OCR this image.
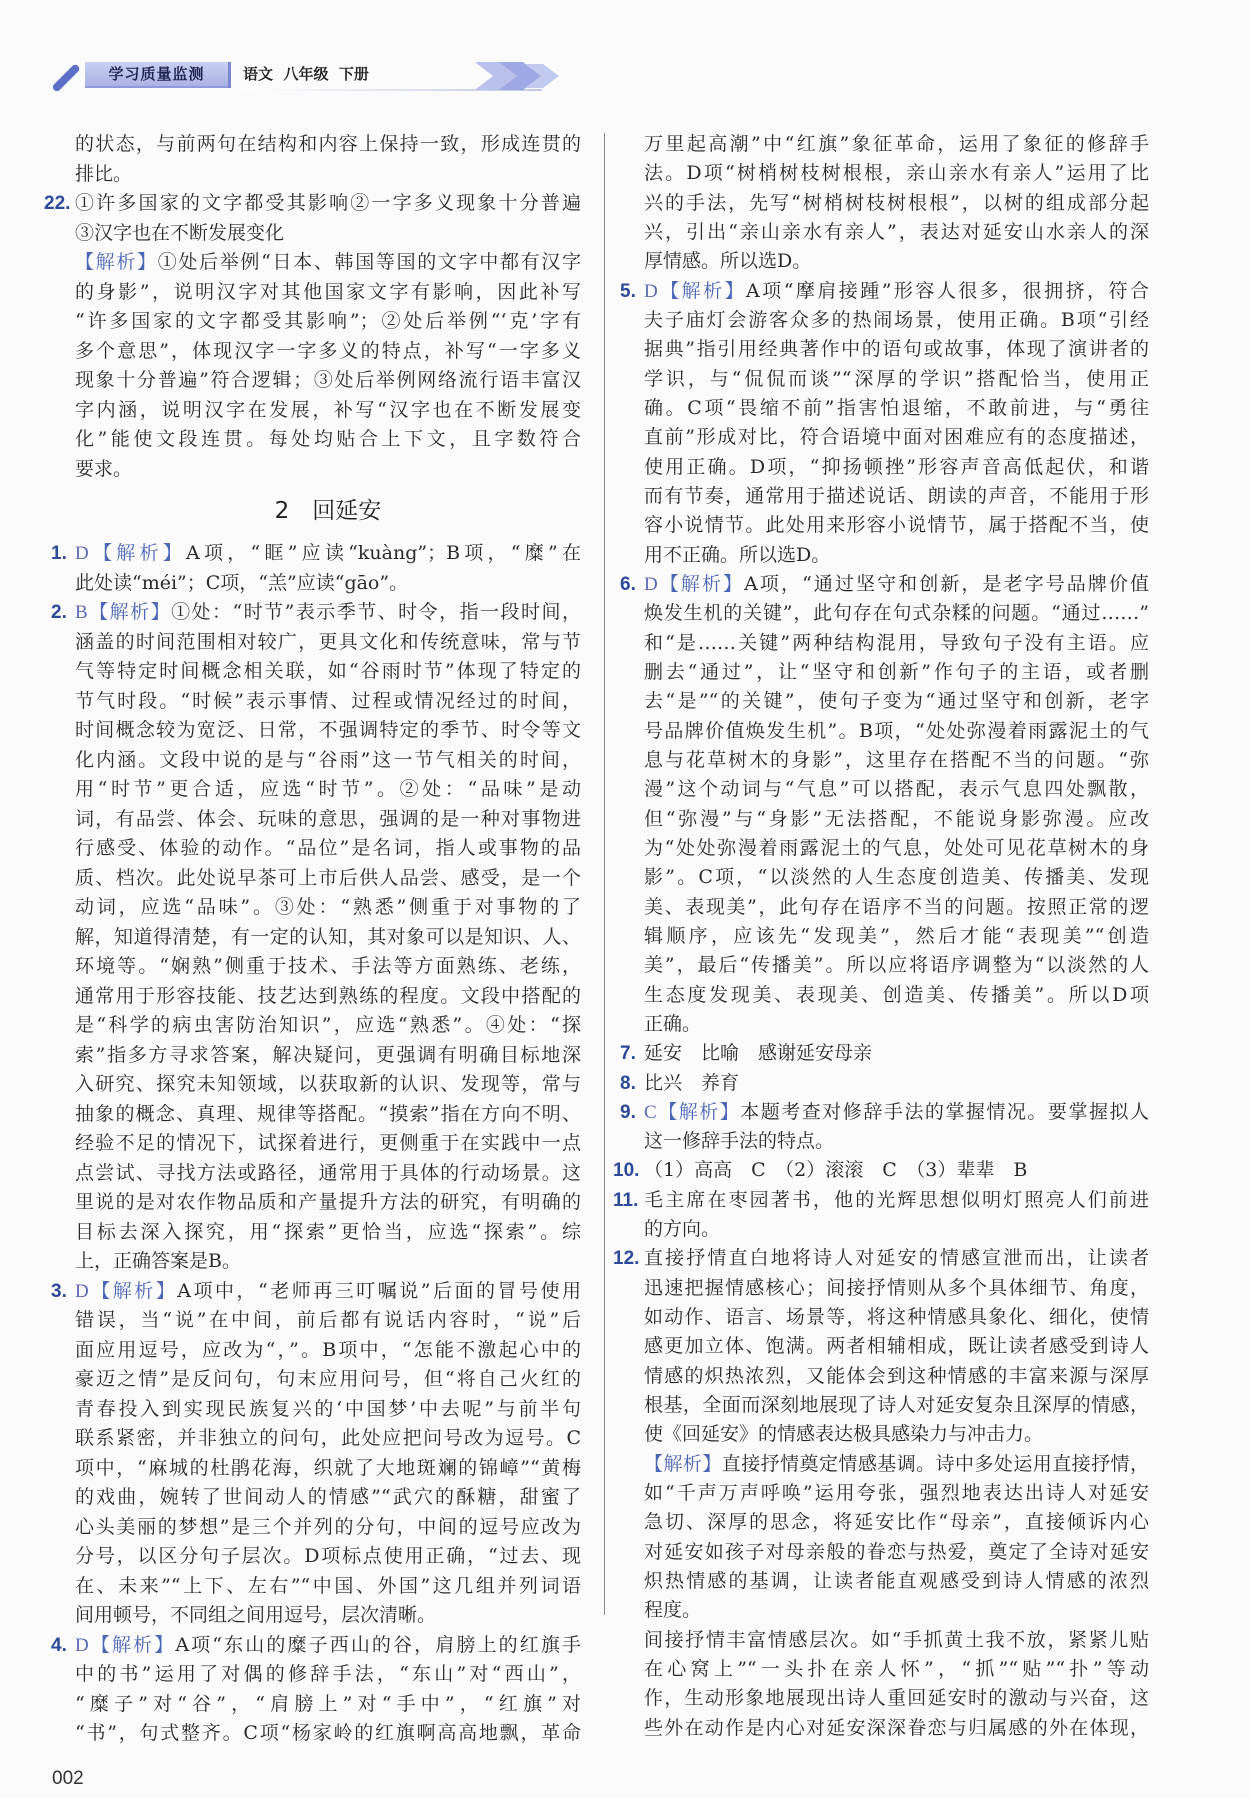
学习质量监测	语文  八年级  下册
的状态，与前两句在结构和内容上保持一致，形成连贯的
排比。
22. ①许多国家的文字都受其影响②一字多义现象十分普遍
③汉字也在不断发展变化
【解析】①处后举例“日本、韩国等国的文字中都有汉字
的身影”，说明汉字对其他国家文字有影响，因此补写
“许多国家的文字都受其影响”；②处后举例“‘克’字有
多个意思”，体现汉字一字多义的特点，补写“一字多义
现象十分普遍”符合逻辑；③处后举例网络流行语丰富汉
字内涵，说明汉字在发展，补写“汉字也在不断发展变
化”能使文段连贯。每处均贴合上下文，且字数符合
要求。
2　回延安
1. D【解析】A项，“眶”应读“kuàng”；B项，“糜”在
此处读“méi”；C项，“羔”应读“gāo”。
2. B【解析】①处：“时节”表示季节、时令，指一段时间，
涵盖的时间范围相对较广，更具文化和传统意味，常与节
气等特定时间概念相关联，如“谷雨时节”体现了特定的
节气时段。“时候”表示事情、过程或情况经过的时间，
时间概念较为宽泛、日常，不强调特定的季节、时令等文
化内涵。文段中说的是与“谷雨”这一节气相关的时间，
用“时节”更合适，应选“时节”。②处：“品味”是动
词，有品尝、体会、玩味的意思，强调的是一种对事物进
行感受、体验的动作。“品位”是名词，指人或事物的品
质、档次。此处说早茶可上市后供人品尝、感受，是一个
动词，应选“品味”。③处：“熟悉”侧重于对事物的了
解，知道得清楚，有一定的认知，其对象可以是知识、人、
环境等。“娴熟”侧重于技术、手法等方面熟练、老练，
通常用于形容技能、技艺达到熟练的程度。文段中搭配的
是“科学的病虫害防治知识”，应选“熟悉”。④处：“探
索”指多方寻求答案，解决疑问，更强调有明确目标地深
入研究、探究未知领域，以获取新的认识、发现等，常与
抽象的概念、真理、规律等搭配。“摸索”指在方向不明、
经验不足的情况下，试探着进行，更侧重于在实践中一点
点尝试、寻找方法或路径，通常用于具体的行动场景。这
里说的是对农作物品质和产量提升方法的研究，有明确的
目标去深入探究，用“探索”更恰当，应选“探索”。综
上，正确答案是B。
3. D【解析】A项中，“老师再三叮嘱说”后面的冒号使用
错误，当“说”在中间，前后都有说话内容时，“说”后
面应用逗号，应改为“，”。B项中，“怎能不激起心中的
豪迈之情”是反问句，句末应用问号，但“将自己火红的
青春投入到实现民族复兴的‘中国梦’中去呢”与前半句
联系紧密，并非独立的问句，此处应把问号改为逗号。C
项中，“麻城的杜鹃花海，织就了大地斑斓的锦嶂”“黄梅
的戏曲，婉转了世间动人的情感”“武穴的酥糖，甜蜜了
心头美丽的梦想”是三个并列的分句，中间的逗号应改为
分号，以区分句子层次。D项标点使用正确，“过去、现
在、未来”“上下、左右”“中国、外国”这几组并列词语
间用顿号，不同组之间用逗号，层次清晰。
4. D【解析】A项“东山的糜子西山的谷，肩膀上的红旗手
中的书”运用了对偶的修辞手法，“东山”对“西山”，
“糜子”对“谷”，“肩膀上”对“手中”，“红旗”对
“书”，句式整齐。C项“杨家岭的红旗啊高高地飘，革命
万里起高潮”中“红旗”象征革命，运用了象征的修辞手
法。D项“树梢树枝树根根，亲山亲水有亲人”运用了比
兴的手法，先写“树梢树枝树根根”，以树的组成部分起
兴，引出“亲山亲水有亲人”，表达对延安山水亲人的深
厚情感。所以选D。
5. D【解析】A项“摩肩接踵”形容人很多，很拥挤，符合
夫子庙灯会游客众多的热闹场景，使用正确。B项“引经
据典”指引用经典著作中的语句或故事，体现了演讲者的
学识，与“侃侃而谈”“深厚的学识”搭配恰当，使用正
确。C项“畏缩不前”指害怕退缩，不敢前进，与“勇往
直前”形成对比，符合语境中面对困难应有的态度描述，
使用正确。D项，“抑扬顿挫”形容声音高低起伏，和谐
而有节奏，通常用于描述说话、朗读的声音，不能用于形
容小说情节。此处用来形容小说情节，属于搭配不当，使
用不正确。所以选D。
6. D【解析】A项，“通过坚守和创新，是老字号品牌价值
焕发生机的关键”，此句存在句式杂糅的问题。“通过……”
和“是……关键”两种结构混用，导致句子没有主语。应
删去“通过”，让“坚守和创新”作句子的主语，或者删
去“是”“的关键”，使句子变为“通过坚守和创新，老字
号品牌价值焕发生机”。B项，“处处弥漫着雨露泥土的气
息与花草树木的身影”，这里存在搭配不当的问题。“弥
漫”这个动词与“气息”可以搭配，表示气息四处飘散，
但“弥漫”与“身影”无法搭配，不能说身影弥漫。应改
为“处处弥漫着雨露泥土的气息，处处可见花草树木的身
影”。C项，“以淡然的人生态度创造美、传播美、发现
美、表现美”，此句存在语序不当的问题。按照正常的逻
辑顺序，应该先“发现美”，然后才能“表现美”“创造
美”，最后“传播美”。所以应将语序调整为“以淡然的人
生态度发现美、表现美、创造美、传播美”。所以D项
正确。
7. 延安　比喻　感谢延安母亲
8. 比兴　养育
9. C【解析】本题考查对修辞手法的掌握情况。要掌握拟人
这一修辞手法的特点。
10. （1）高高　C　（2）滚滚　C　（3）辈辈　B
11. 毛主席在枣园著书，他的光辉思想似明灯照亮人们前进
的方向。
12. 直接抒情直白地将诗人对延安的情感宣泄而出，让读者
迅速把握情感核心；间接抒情则从多个具体细节、角度，
如动作、语言、场景等，将这种情感具象化、细化，使情
感更加立体、饱满。两者相辅相成，既让读者感受到诗人
情感的炽热浓烈，又能体会到这种情感的丰富来源与深厚
根基，全面而深刻地展现了诗人对延安复杂且深厚的情感，
使《回延安》的情感表达极具感染力与冲击力。
【解析】直接抒情奠定情感基调。诗中多处运用直接抒情，
如“千声万声呼唤”运用夸张，强烈地表达出诗人对延安
急切、深厚的思念，将延安比作“母亲”，直接倾诉内心
对延安如孩子对母亲般的眷恋与热爱，奠定了全诗对延安
炽热情感的基调，让读者能直观感受到诗人情感的浓烈
程度。
间接抒情丰富情感层次。如“手抓黄土我不放，紧紧儿贴
在心窝上”“一头扑在亲人怀”，“抓”“贴”“扑”等动
作，生动形象地展现出诗人重回延安时的激动与兴奋，这
些外在动作是内心对延安深深眷恋与归属感的外在体现，
002
